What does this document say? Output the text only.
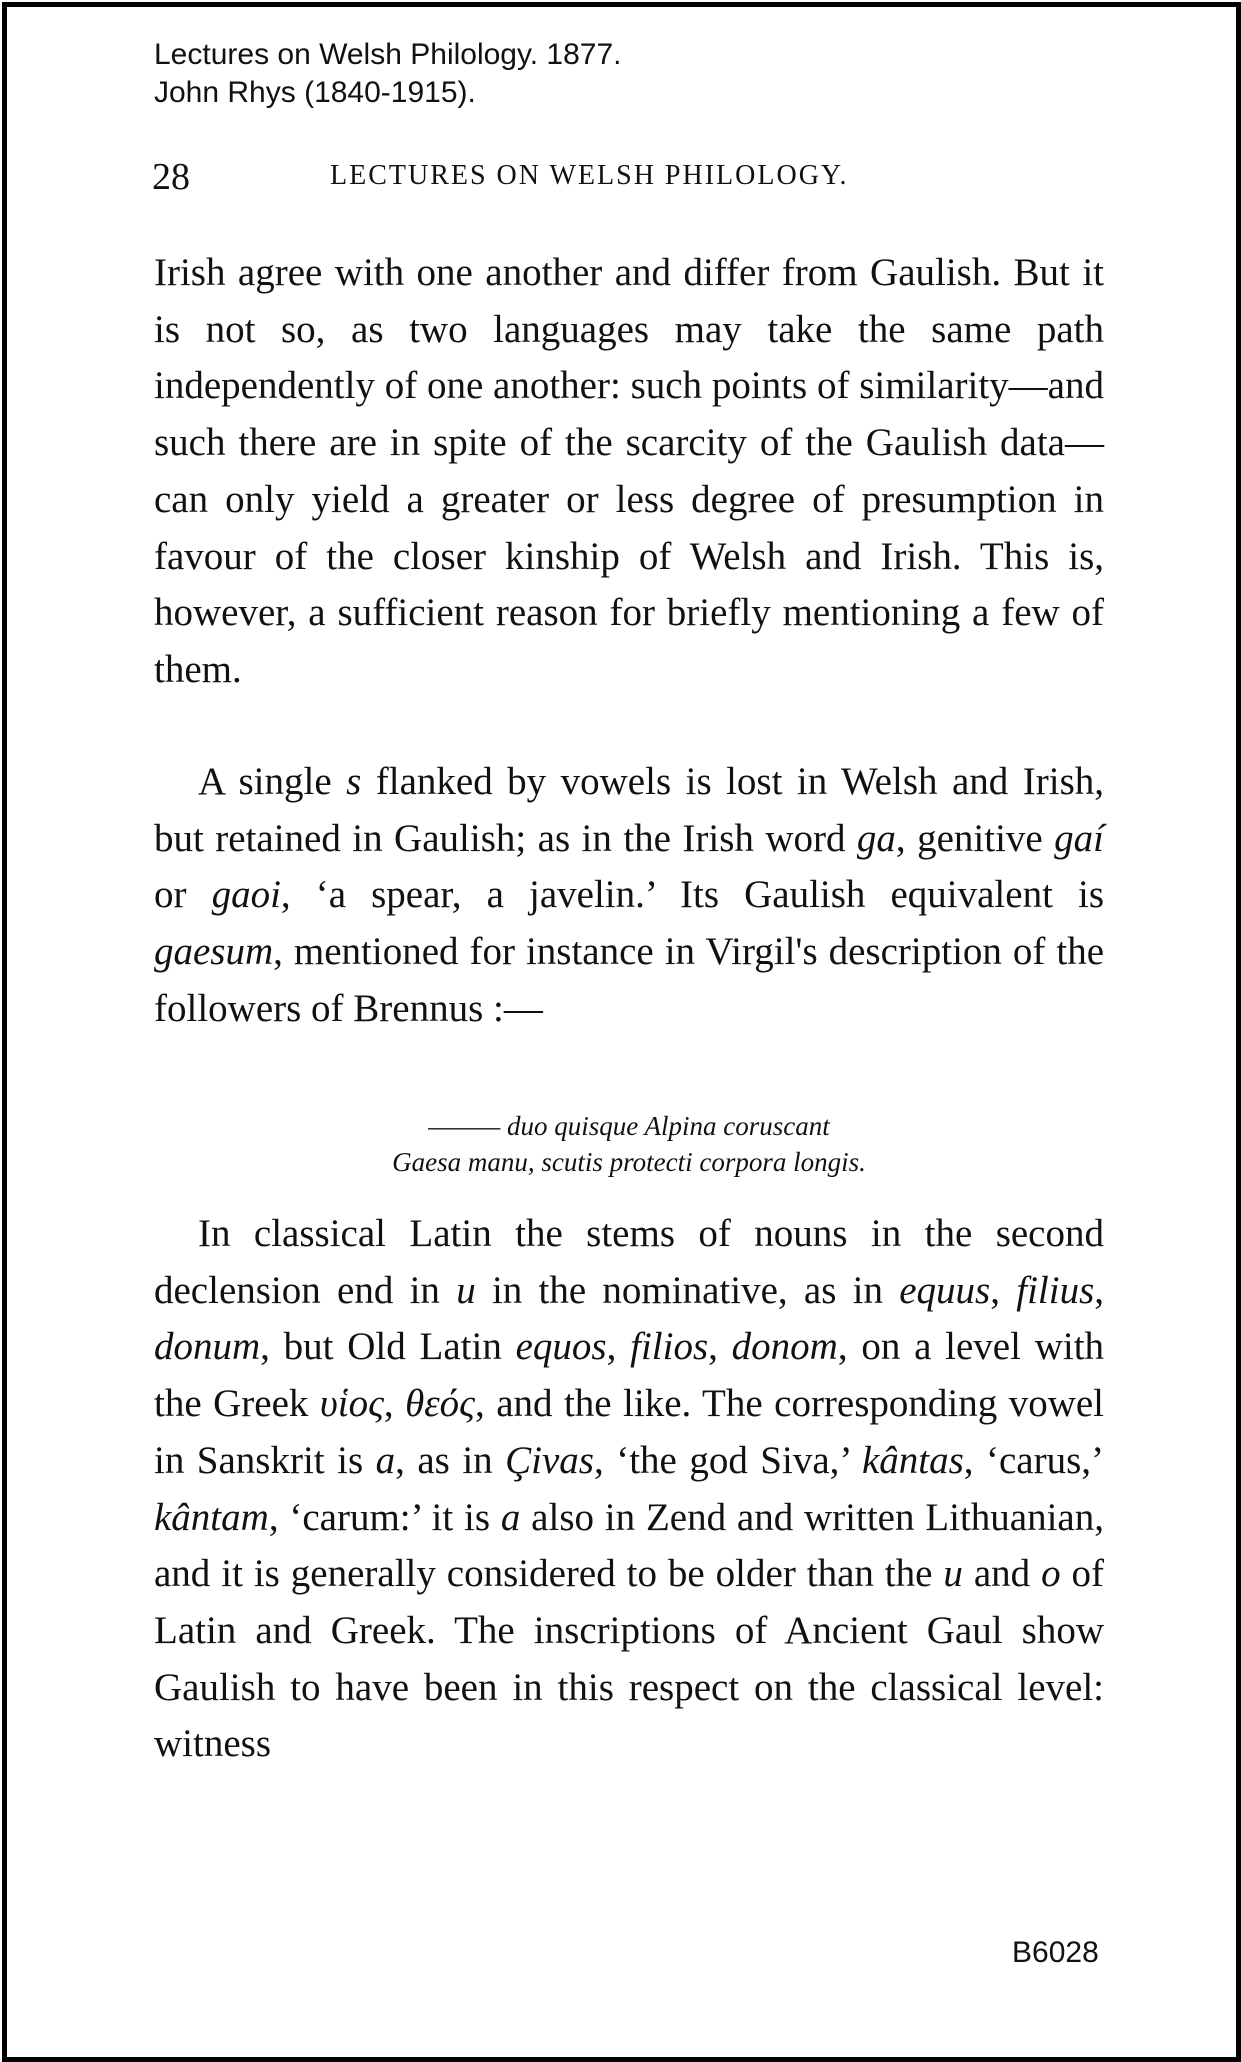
Lectures on Welsh Philology. 1877.
John Rhys (1840-1915).
28	LECTURES ON WELSH PHILOLOGY.
Irish agree with one another and differ from Gaulish. But it is not so, as two languages may take the same path independently of one another: such points of similarity—and such there are in spite of the scarcity of the Gaulish data—can only yield a greater or less degree of presumption in favour of the closer kinship of Welsh and Irish. This is, however, a sufficient reason for briefly mentioning a few of them.
A single s flanked by vowels is lost in Welsh and Irish, but retained in Gaulish; as in the Irish word ga, genitive gaí or gaoi, ‘a spear, a javelin.’ Its Gaulish equivalent is gaesum, mentioned for instance in Virgil's description of the followers of Brennus :—
——— duo quisque Alpina coruscant
Gaesa manu, scutis protecti corpora longis.
In classical Latin the stems of nouns in the second declension end in u in the nominative, as in equus, filius, donum, but Old Latin equos, filios, donom, on a level with the Greek υἱος, θεός, and the like. The corresponding vowel in Sanskrit is a, as in Çivas, ‘the god Siva,’ kântas, ‘carus,’ kântam, ‘carum:’ it is a also in Zend and written Lithuanian, and it is generally considered to be older than the u and o of Latin and Greek. The inscriptions of Ancient Gaul show Gaulish to have been in this respect on the classical level: witness
B6028
